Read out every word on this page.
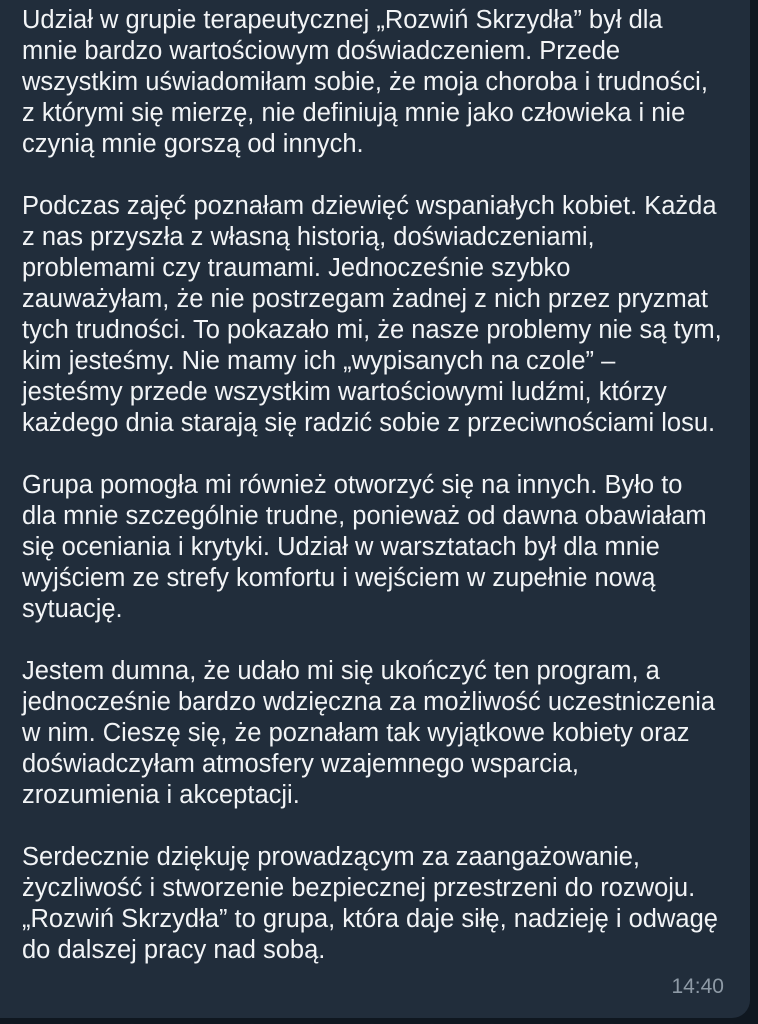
Udział w grupie terapeutycznej „Rozwiń Skrzydła” był dla mnie bardzo wartościowym doświadczeniem. Przede wszystkim uświadomiłam sobie, że moja choroba i trudności, z którymi się mierzę, nie definiują mnie jako człowieka i nie czynią mnie gorszą od innych.

Podczas zajęć poznałam dziewięć wspaniałych kobiet. Każda z nas przyszła z własną historią, doświadczeniami, problemami czy traumami. Jednocześnie szybko zauważyłam, że nie postrzegam żadnej z nich przez pryzmat tych trudności. To pokazało mi, że nasze problemy nie są tym, kim jesteśmy. Nie mamy ich „wypisanych na czole” – jesteśmy przede wszystkim wartościowymi ludźmi, którzy każdego dnia starają się radzić sobie z przeciwnościami losu.

Grupa pomogła mi również otworzyć się na innych. Było to dla mnie szczególnie trudne, ponieważ od dawna obawiałam się oceniania i krytyki. Udział w warsztatach był dla mnie wyjściem ze strefy komfortu i wejściem w zupełnie nową sytuację.

Jestem dumna, że udało mi się ukończyć ten program, a jednocześnie bardzo wdzięczna za możliwość uczestniczenia w nim. Cieszę się, że poznałam tak wyjątkowe kobiety oraz doświadczyłam atmosfery wzajemnego wsparcia, zrozumienia i akceptacji.

Serdecznie dziękuję prowadzącym za zaangażowanie, życzliwość i stworzenie bezpiecznej przestrzeni do rozwoju. „Rozwiń Skrzydła” to grupa, która daje siłę, nadzieję i odwagę do dalszej pracy nad sobą.

14:40
